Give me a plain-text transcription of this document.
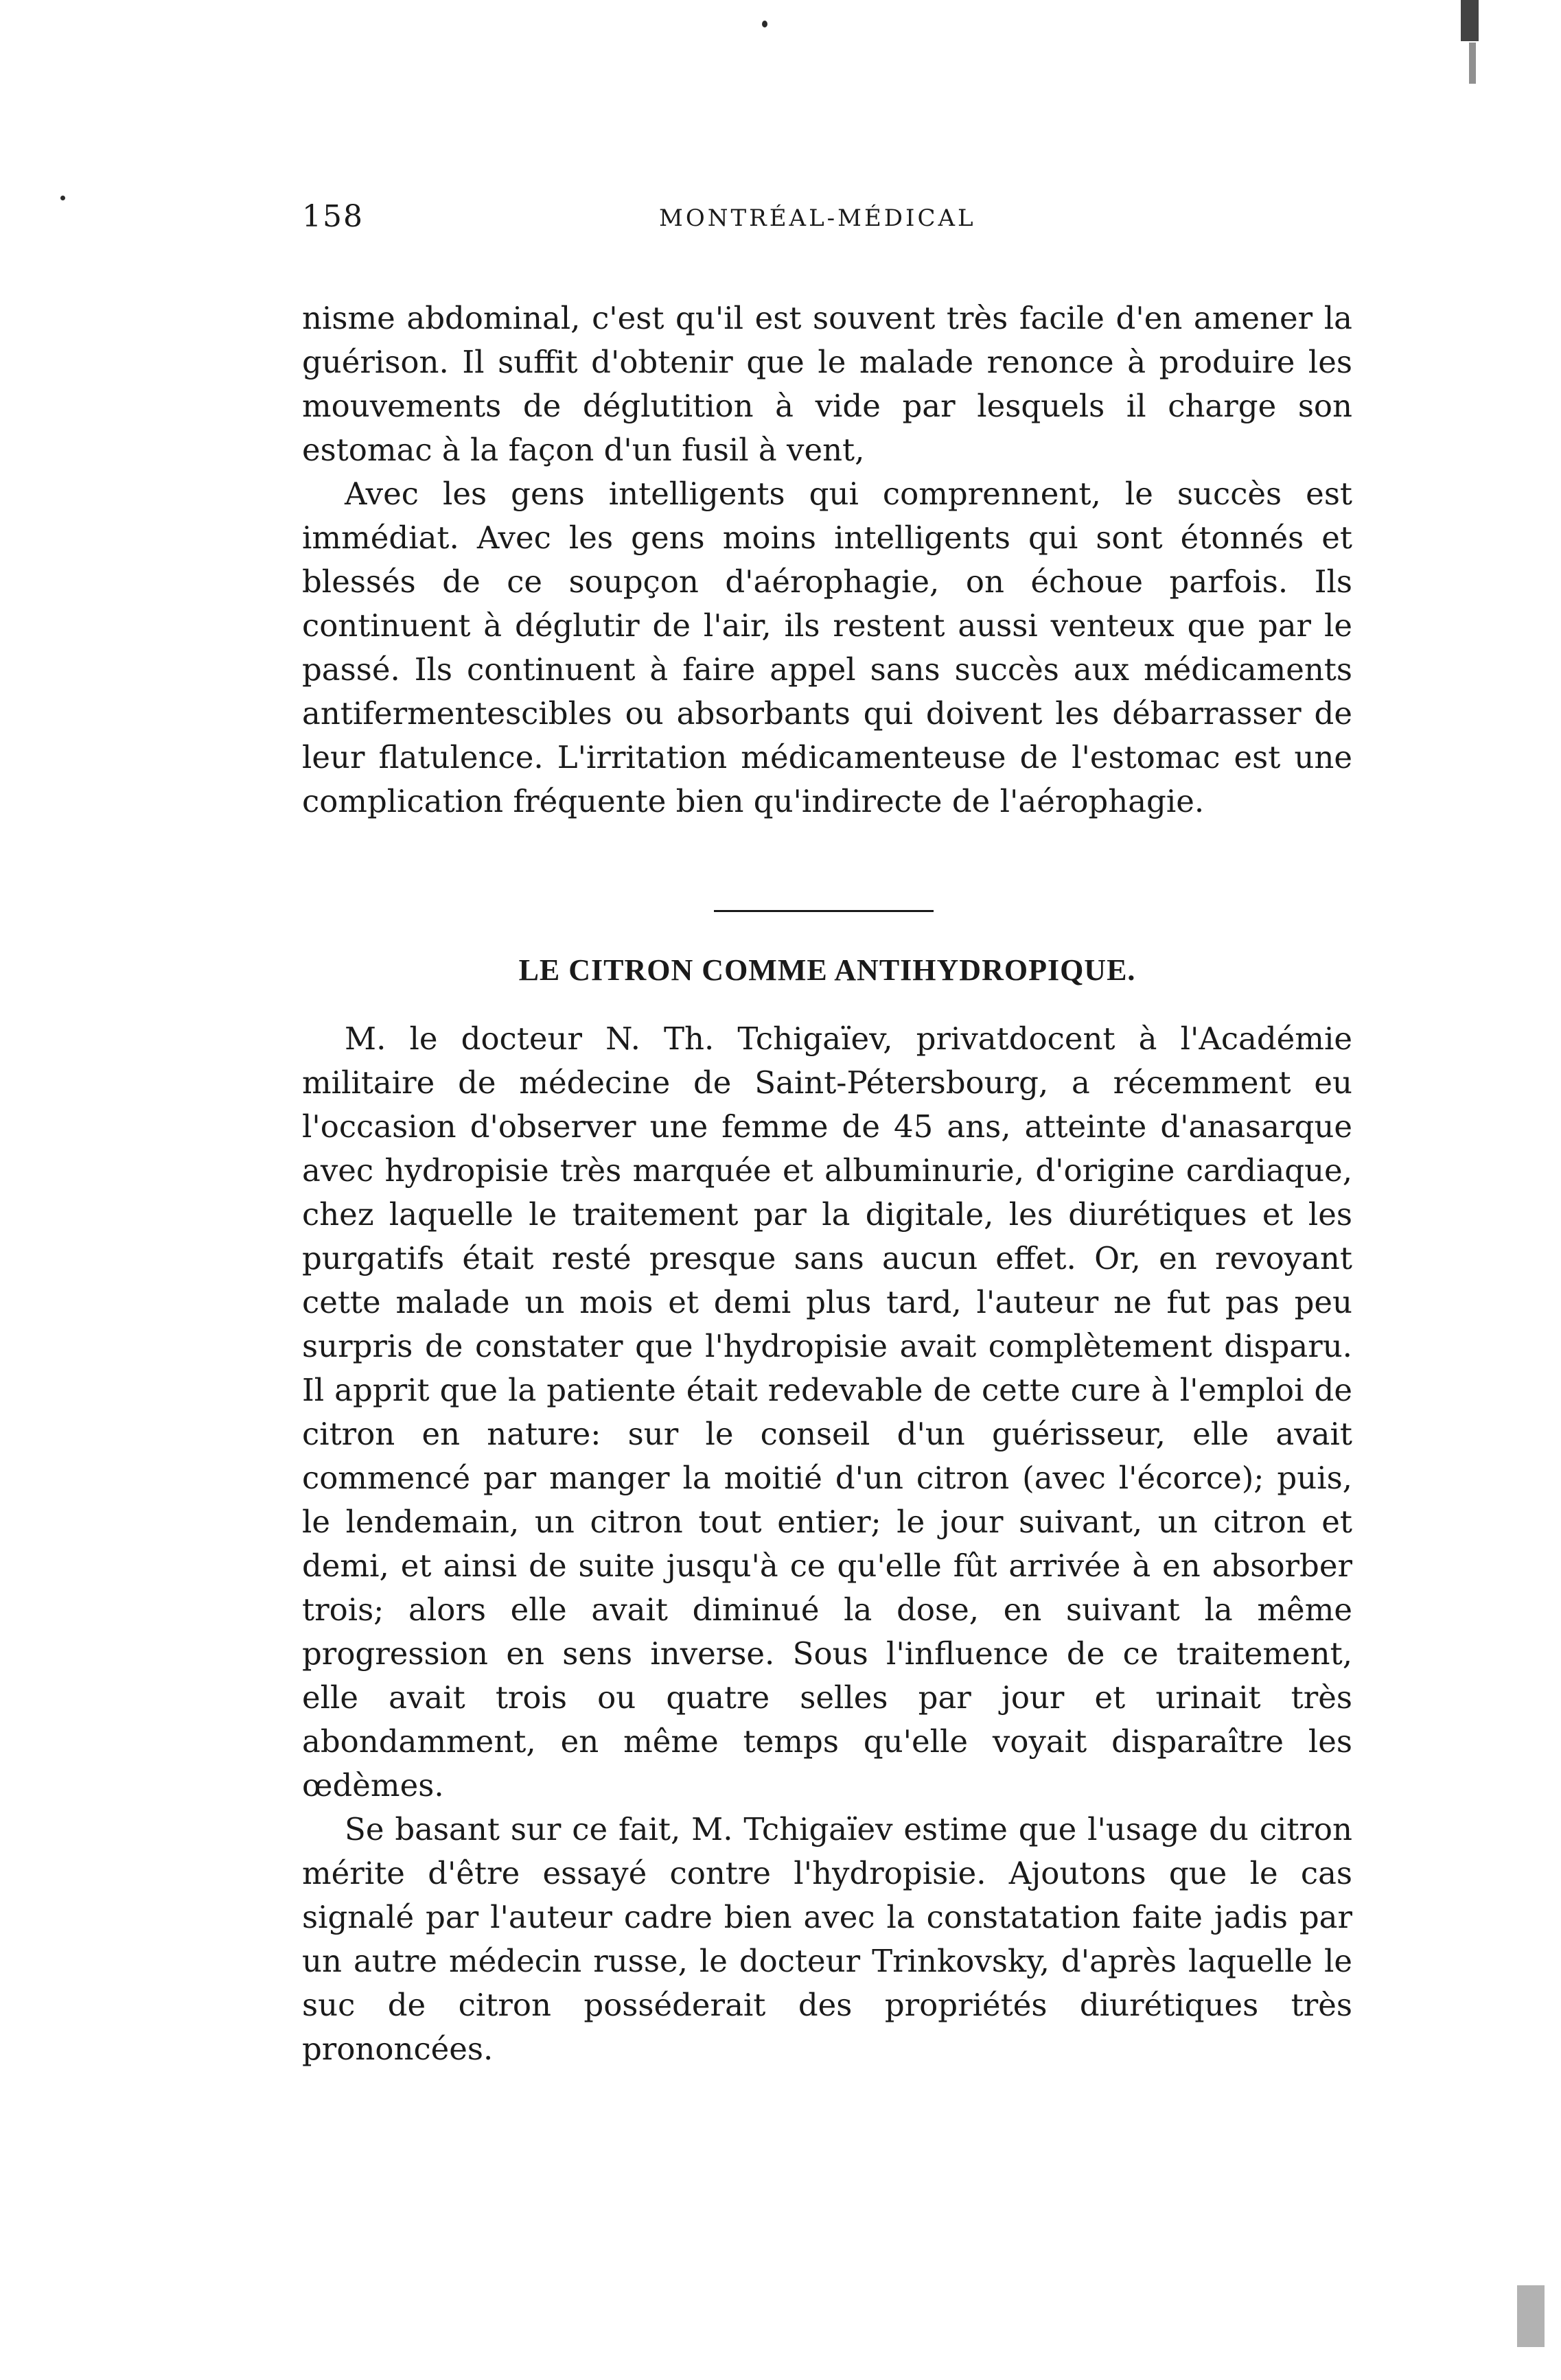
158	MONTRÉAL-MÉDICAL

nisme abdominal, c'est qu'il est souvent très facile d'en amener la guérison. Il suffit d'obtenir que le malade renonce à produire les mouvements de déglutition à vide par lesquels il charge son estomac à la façon d'un fusil à vent,

Avec les gens intelligents qui comprennent, le succès est immédiat. Avec les gens moins intelligents qui sont étonnés et blessés de ce soupçon d'aérophagie, on échoue parfois. Ils continuent à déglutir de l'air, ils restent aussi venteux que par le passé. Ils continuent à faire appel sans succès aux médicaments antifermentescibles ou absorbants qui doivent les débarrasser de leur flatulence. L'irritation médicamenteuse de l'estomac est une complication fréquente bien qu'indirecte de l'aérophagie.

LE CITRON COMME ANTIHYDROPIQUE.

M. le docteur N. Th. Tchigaïev, privatdocent à l'Académie militaire de médecine de Saint-Pétersbourg, a récemment eu l'occasion d'observer une femme de 45 ans, atteinte d'anasarque avec hydropisie très marquée et albuminurie, d'origine cardiaque, chez laquelle le traitement par la digitale, les diurétiques et les purgatifs était resté presque sans aucun effet. Or, en revoyant cette malade un mois et demi plus tard, l'auteur ne fut pas peu surpris de constater que l'hydropisie avait complètement disparu. Il apprit que la patiente était redevable de cette cure à l'emploi de citron en nature: sur le conseil d'un guérisseur, elle avait commencé par manger la moitié d'un citron (avec l'écorce); puis, le lendemain, un citron tout entier; le jour suivant, un citron et demi, et ainsi de suite jusqu'à ce qu'elle fût arrivée à en absorber trois; alors elle avait diminué la dose, en suivant la même progression en sens inverse. Sous l'influence de ce traitement, elle avait trois ou quatre selles par jour et urinait très abondamment, en même temps qu'elle voyait disparaître les œdèmes.

Se basant sur ce fait, M. Tchigaïev estime que l'usage du citron mérite d'être essayé contre l'hydropisie. Ajoutons que le cas signalé par l'auteur cadre bien avec la constatation faite jadis par un autre médecin russe, le docteur Trinkovsky, d'après laquelle le suc de citron posséderait des propriétés diurétiques très prononcées.
